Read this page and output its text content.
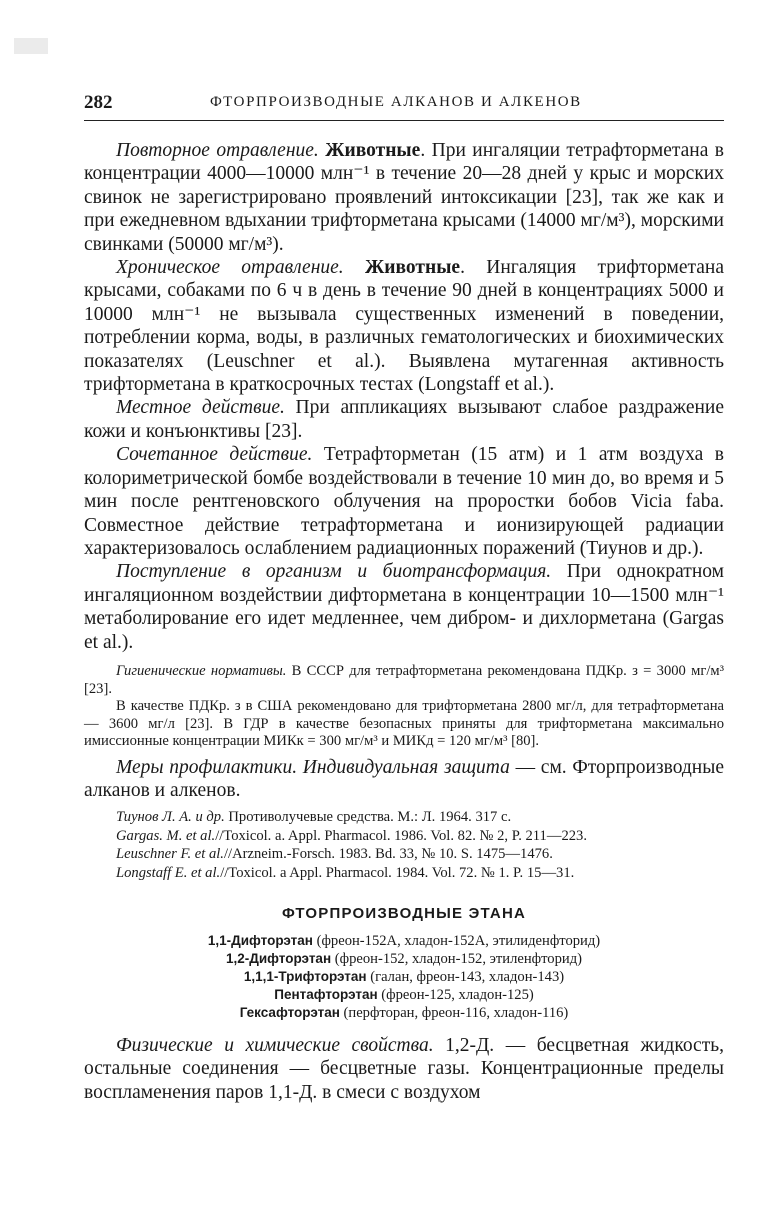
282	ФТОРПРОИЗВОДНЫЕ АЛКАНОВ И АЛКЕНОВ

Повторное отравление. Животные. При ингаляции тетрафторметана в концентрации 4000—10000 млн⁻¹ в течение 20—28 дней у крыс и морских свинок не зарегистрировано проявлений интоксикации [23], так же как и при ежедневном вдыхании трифторметана крысами (14000 мг/м³), морскими свинками (50000 мг/м³).

Хроническое отравление. Животные. Ингаляция трифторметана крысами, собаками по 6 ч в день в течение 90 дней в концентрациях 5000 и 10000 млн⁻¹ не вызывала существенных изменений в поведении, потреблении корма, воды, в различных гематологических и биохимических показателях (Leuschner et al.). Выявлена мутагенная активность трифторметана в краткосрочных тестах (Longstaff et al.).

Местное действие. При аппликациях вызывают слабое раздражение кожи и конъюнктивы [23].

Сочетанное действие. Тетрафторметан (15 атм) и 1 атм воздуха в колориметрической бомбе воздействовали в течение 10 мин до, во время и 5 мин после рентгеновского облучения на проростки бобов Vicia faba. Совместное действие тетрафторметана и ионизирующей радиации характеризовалось ослаблением радиационных поражений (Тиунов и др.).

Поступление в организм и биотрансформация. При однократном ингаляционном воздействии дифторметана в концентрации 10—1500 млн⁻¹ метаболирование его идет медленнее, чем дибром- и дихлорметана (Gargas et al.).

Гигиенические нормативы. В СССР для тетрафторметана рекомендована ПДКр. з = 3000 мг/м³ [23].

В качестве ПДКр. з в США рекомендовано для трифторметана 2800 мг/л, для тетрафторметана — 3600 мг/л [23]. В ГДР в качестве безопасных приняты для трифторметана максимально имиссионные концентрации МИКк = 300 мг/м³ и МИКд = 120 мг/м³ [80].

Меры профилактики. Индивидуальная защита — см. Фторпроизводные алканов и алкенов.

Тиунов Л. А. и др. Противолучевые средства. М.: Л. 1964. 317 с.

Gargas. M. et al.//Toxicol. a. Appl. Pharmacol. 1986. Vol. 82. № 2, P. 211—223.

Leuschner F. et al.//Arzneim.-Forsch. 1983. Bd. 33, № 10. S. 1475—1476.

Longstaff E. et al.//Toxicol. a Appl. Pharmacol. 1984. Vol. 72. № 1. P. 15—31.

ФТОРПРОИЗВОДНЫЕ ЭТАНА
1,1-Дифторэтан (фреон-152А, хладон-152А, этилиденфторид)
1,2-Дифторэтан (фреон-152, хладон-152, этиленфторид)
1,1,1-Трифторэтан (галан, фреон-143, хладон-143)
Пентафторэтан (фреон-125, хладон-125)
Гексафторэтан (перфторан, фреон-116, хладон-116)

Физические и химические свойства. 1,2-Д. — бесцветная жидкость, остальные соединения — бесцветные газы. Концентрационные пределы воспламенения паров 1,1-Д. в смеси с воздухом
